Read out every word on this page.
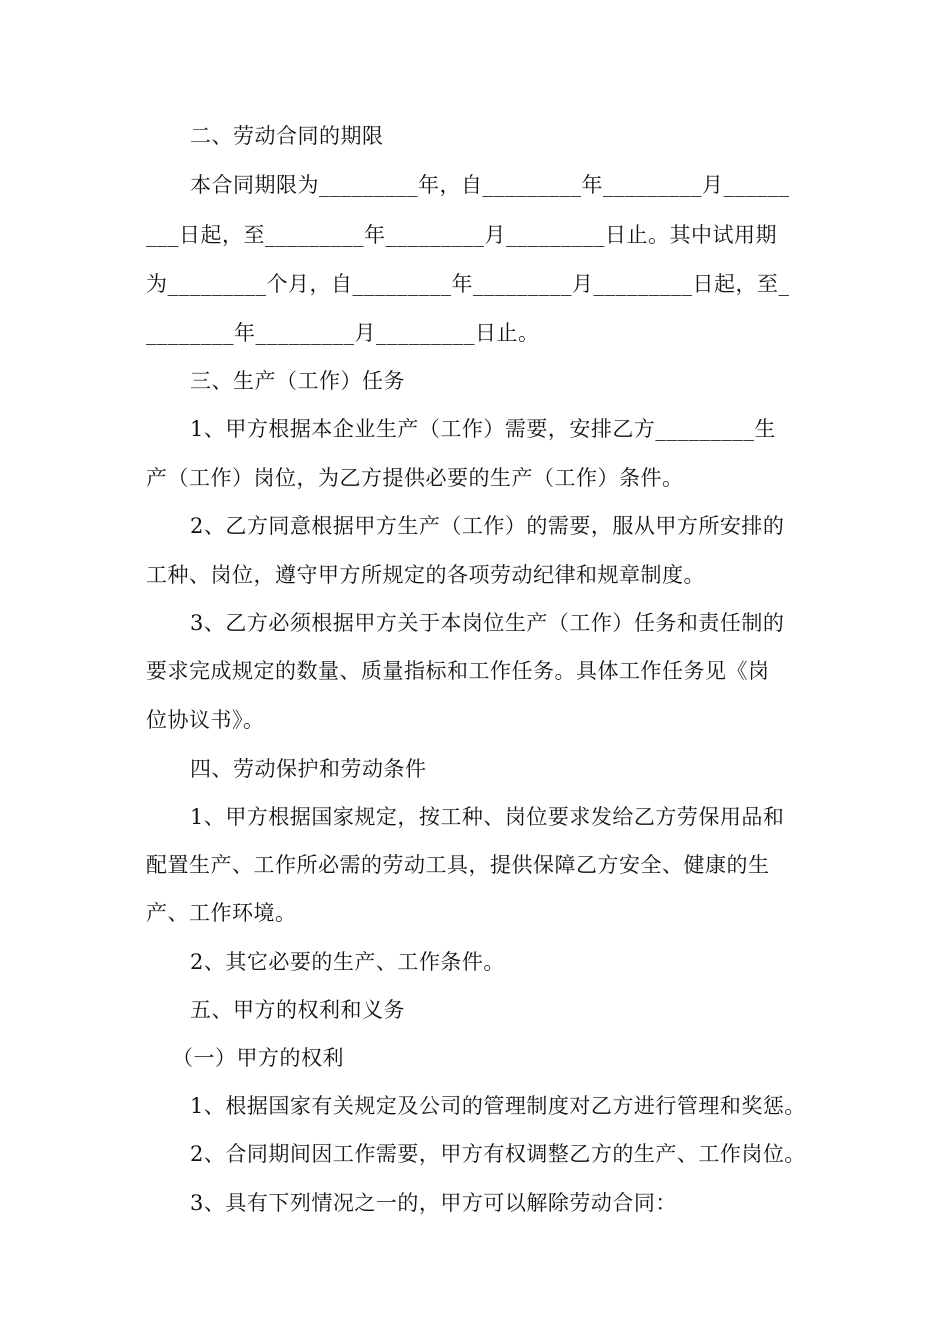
二、劳动合同的期限
本合同期限为_________年，自_________年_________月______
___日起，至_________年_________月_________日止。其中试用期
为_________个月，自_________年_________月_________日起，至_
________年_________月_________日止。
三、生产（工作）任务
1、甲方根据本企业生产（工作）需要，安排乙方_________生
产（工作）岗位，为乙方提供必要的生产（工作）条件。
2、乙方同意根据甲方生产（工作）的需要，服从甲方所安排的
工种、岗位，遵守甲方所规定的各项劳动纪律和规章制度。
3、乙方必须根据甲方关于本岗位生产（工作）任务和责任制的
要求完成规定的数量、质量指标和工作任务。具体工作任务见《岗
位协议书》。
四、劳动保护和劳动条件
1、甲方根据国家规定，按工种、岗位要求发给乙方劳保用品和
配置生产、工作所必需的劳动工具，提供保障乙方安全、健康的生
产、工作环境。
2、其它必要的生产、工作条件。
五、甲方的权利和义务
（一）甲方的权利
1、根据国家有关规定及公司的管理制度对乙方进行管理和奖惩。
2、合同期间因工作需要，甲方有权调整乙方的生产、工作岗位。
3、具有下列情况之一的，甲方可以解除劳动合同：
